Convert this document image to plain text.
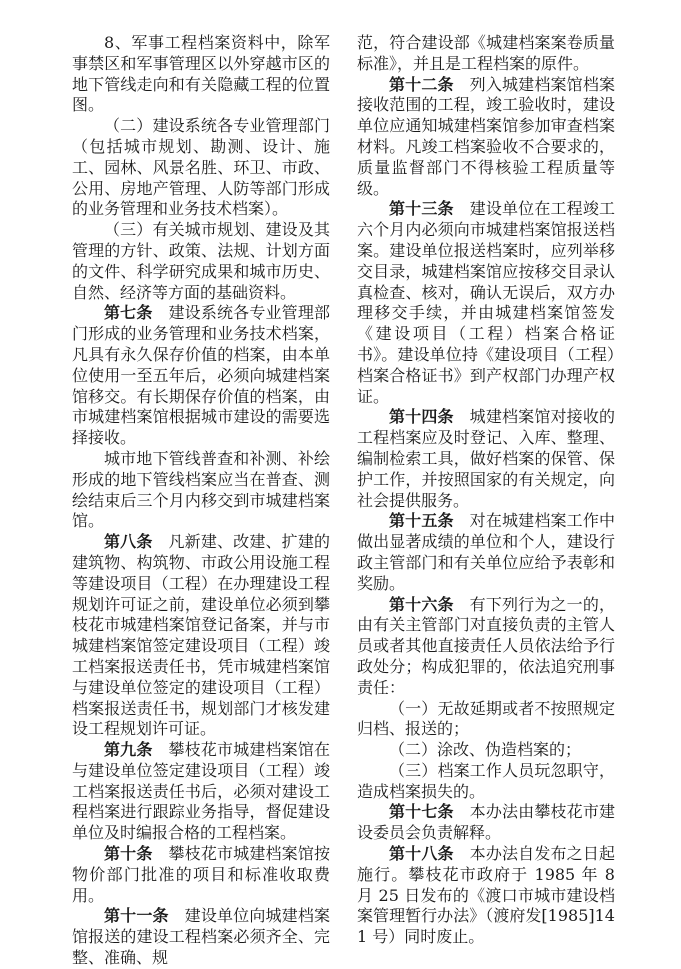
8、军事工程档案资料中，除军事禁区和军事管理区以外穿越市区的地下管线走向和有关隐藏工程的位置图。

（二）建设系统各专业管理部门（包括城市规划、勘测、设计、施工、园林、风景名胜、环卫、市政、公用、房地产管理、人防等部门形成的业务管理和业务技术档案）。

（三）有关城市规划、建设及其管理的方针、政策、法规、计划方面的文件、科学研究成果和城市历史、自然、经济等方面的基础资料。

第七条 建设系统各专业管理部门形成的业务管理和业务技术档案，凡具有永久保存价值的档案，由本单位使用一至五年后，必须向城建档案馆移交。有长期保存价值的档案，由市城建档案馆根据城市建设的需要选择接收。

城市地下管线普查和补测、补绘形成的地下管线档案应当在普查、测绘结束后三个月内移交到市城建档案馆。

第八条 凡新建、改建、扩建的建筑物、构筑物、市政公用设施工程等建设项目（工程）在办理建设工程规划许可证之前，建设单位必须到攀枝花市城建档案馆登记备案，并与市城建档案馆签定建设项目（工程）竣工档案报送责任书，凭市城建档案馆与建设单位签定的建设项目（工程）档案报送责任书，规划部门才核发建设工程规划许可证。

第九条 攀枝花市城建档案馆在与建设单位签定建设项目（工程）竣工档案报送责任书后，必须对建设工程档案进行跟踪业务指导，督促建设单位及时编报合格的工程档案。

第十条 攀枝花市城建档案馆按物价部门批准的项目和标准收取费用。

第十一条 建设单位向城建档案馆报送的建设工程档案必须齐全、完整、准确、规

范，符合建设部《城建档案案卷质量标准》，并且是工程档案的原件。

第十二条 列入城建档案馆档案接收范围的工程，竣工验收时，建设单位应通知城建档案馆参加审查档案材料。凡竣工档案验收不合要求的，质量监督部门不得核验工程质量等级。

第十三条 建设单位在工程竣工六个月内必须向市城建档案馆报送档案。建设单位报送档案时，应列举移交目录，城建档案馆应按移交目录认真检查、核对，确认无误后，双方办理移交手续，并由城建档案馆签发《建设项目（工程）档案合格证书》。建设单位持《建设项目（工程）档案合格证书》到产权部门办理产权证。

第十四条 城建档案馆对接收的工程档案应及时登记、入库、整理、编制检索工具，做好档案的保管、保护工作，并按照国家的有关规定，向社会提供服务。

第十五条 对在城建档案工作中做出显著成绩的单位和个人，建设行政主管部门和有关单位应给予表彰和奖励。

第十六条 有下列行为之一的，由有关主管部门对直接负责的主管人员或者其他直接责任人员依法给予行政处分；构成犯罪的，依法追究刑事责任：

（一）无故延期或者不按照规定归档、报送的；

（二）涂改、伪造档案的；

（三）档案工作人员玩忽职守，造成档案损失的。

第十七条 本办法由攀枝花市建设委员会负责解释。

第十八条 本办法自发布之日起施行。攀枝花市政府于 1985 年 8 月 25 日发布的《渡口市城市建设档案管理暂行办法》（渡府发[1985]141 号）同时废止。
